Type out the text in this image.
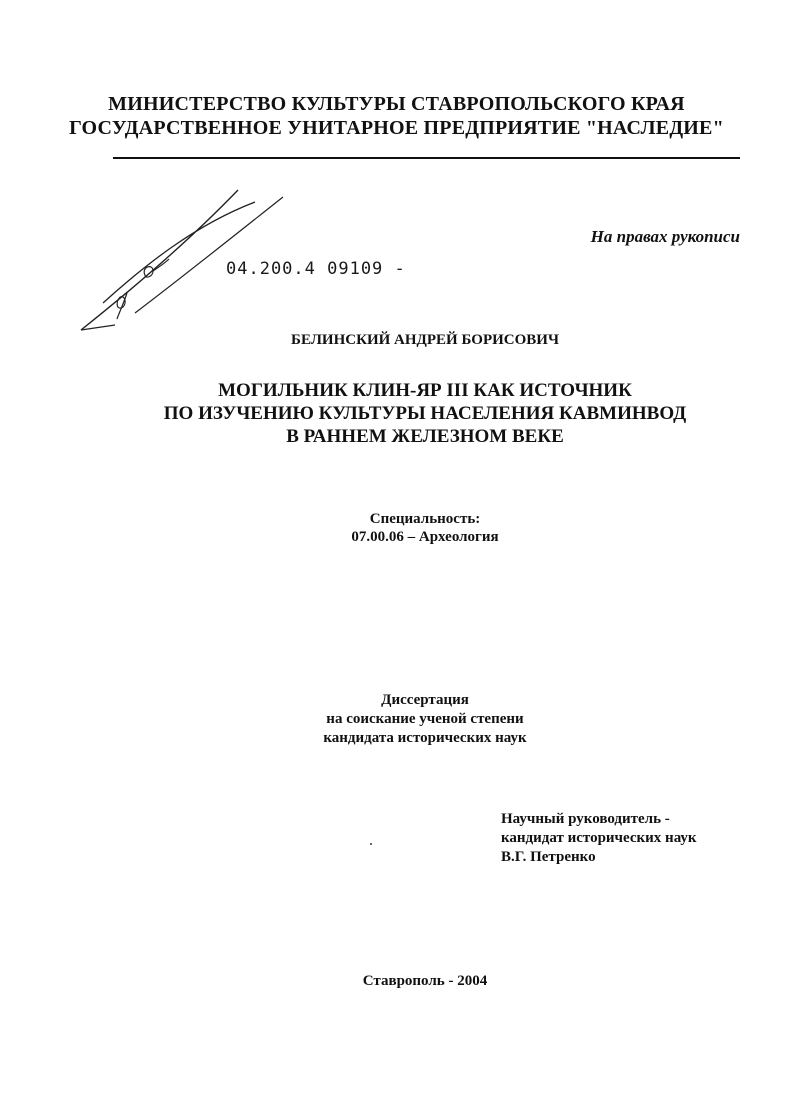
МИНИСТЕРСТВО КУЛЬТУРЫ СТАВРОПОЛЬСКОГО КРАЯ
ГОСУДАРСТВЕННОЕ УНИТАРНОЕ ПРЕДПРИЯТИЕ "НАСЛЕДИЕ"
На правах рукописи
04.200.4 09109 -
БЕЛИНСКИЙ АНДРЕЙ БОРИСОВИЧ
МОГИЛЬНИК КЛИН-ЯР III КАК ИСТОЧНИК
ПО ИЗУЧЕНИЮ КУЛЬТУРЫ НАСЕЛЕНИЯ КАВМИНВОД
В РАННЕМ ЖЕЛЕЗНОМ ВЕКЕ
Специальность:
07.00.06 – Археология
Диссертация
на соискание ученой степени
кандидата исторических наук
Научный руководитель -
кандидат исторических наук
В.Г. Петренко
Ставрополь - 2004
